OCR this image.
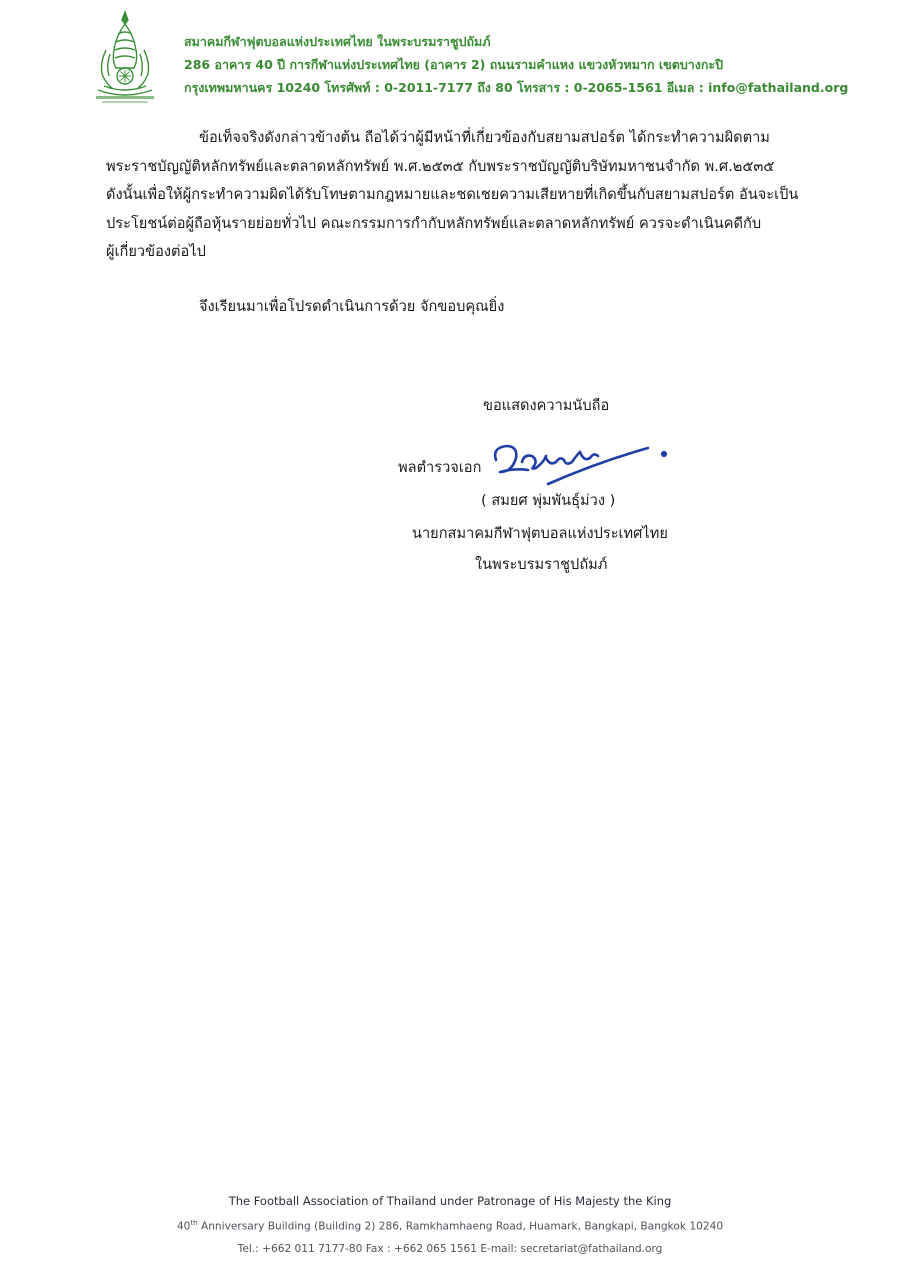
สมาคมกีฬาฟุตบอลแห่งประเทศไทย ในพระบรมราชูปถัมภ์
286 อาคาร 40 ปี การกีฬาแห่งประเทศไทย (อาคาร 2) ถนนรามคำแหง แขวงหัวหมาก เขตบางกะปิ
กรุงเทพมหานคร 10240 โทรศัพท์ : 0-2011-7177 ถึง 80 โทรสาร : 0-2065-1561 อีเมล : info@fathailand.org

ข้อเท็จจริงดังกล่าวข้างต้น ถือได้ว่าผู้มีหน้าที่เกี่ยวข้องกับสยามสปอร์ต ได้กระทำความผิดตาม
พระราชบัญญัติหลักทรัพย์และตลาดหลักทรัพย์ พ.ศ.๒๕๓๕ กับพระราชบัญญัติบริษัทมหาชนจำกัด พ.ศ.๒๕๓๕
ดังนั้นเพื่อให้ผู้กระทำความผิดได้รับโทษตามกฎหมายและชดเชยความเสียหายที่เกิดขึ้นกับสยามสปอร์ต อันจะเป็น
ประโยชน์ต่อผู้ถือหุ้นรายย่อยทั่วไป คณะกรรมการกำกับหลักทรัพย์และตลาดหลักทรัพย์ ควรจะดำเนินคดีกับ
ผู้เกี่ยวข้องต่อไป

จึงเรียนมาเพื่อโปรดดำเนินการด้วย จักขอบคุณยิ่ง
ขอแสดงความนับถือ
พลตำรวจเอก
( สมยศ พุ่มพันธุ์ม่วง )
นายกสมาคมกีฬาฟุตบอลแห่งประเทศไทย
ในพระบรมราชูปถัมภ์
The Football Association of Thailand under Patronage of His Majesty the King
40th Anniversary Building (Building 2) 286, Ramkhamhaeng Road, Huamark, Bangkapi, Bangkok 10240
Tel.: +662 011 7177-80 Fax : +662 065 1561 E-mail: secretariat@fathailand.org
